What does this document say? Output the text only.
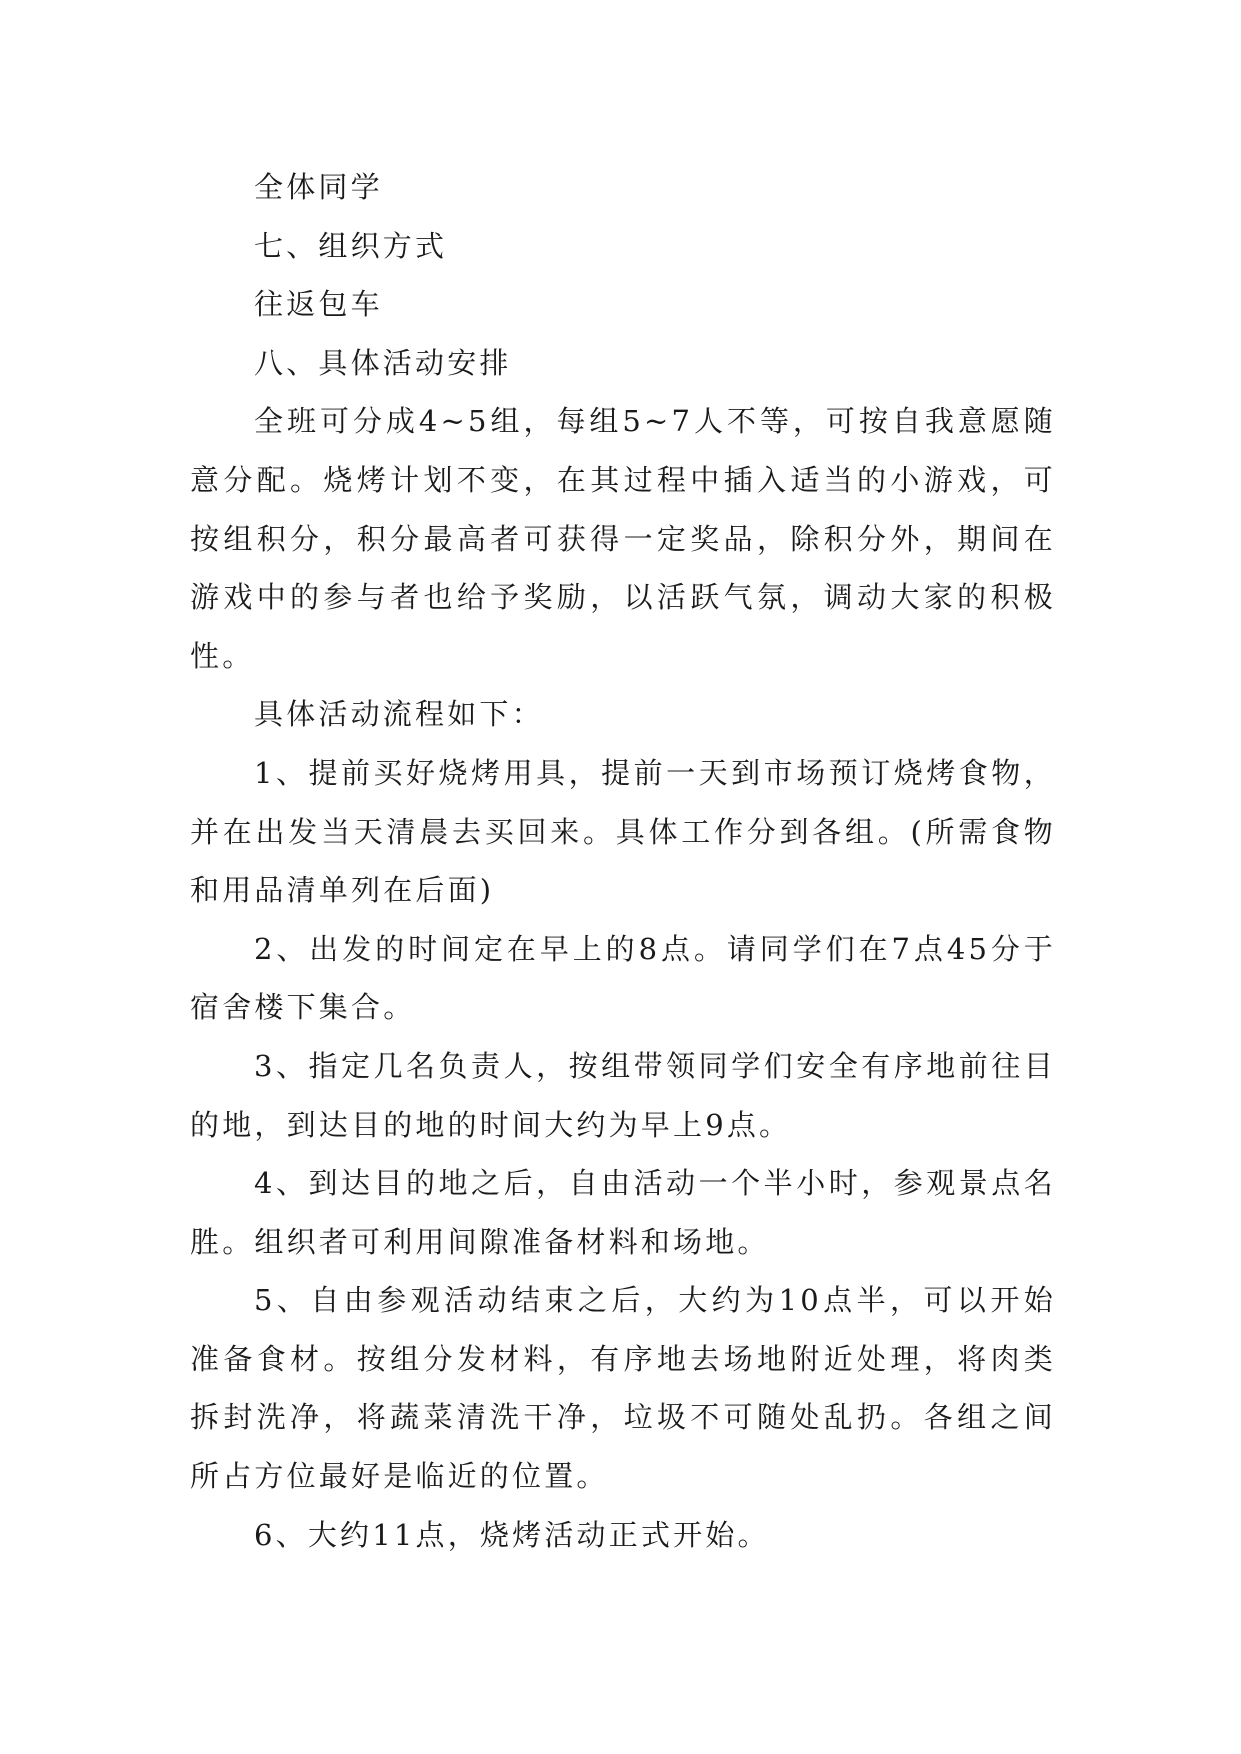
全体同学

七、组织方式

往返包车

八、具体活动安排

全班可分成4~5组，每组5~7人不等，可按自我意愿随意分配。烧烤计划不变，在其过程中插入适当的小游戏，可按组积分，积分最高者可获得一定奖品，除积分外，期间在游戏中的参与者也给予奖励，以活跃气氛，调动大家的积极性。

具体活动流程如下：

1、提前买好烧烤用具，提前一天到市场预订烧烤食物，并在出发当天清晨去买回来。具体工作分到各组。(所需食物和用品清单列在后面)

2、出发的时间定在早上的8点。请同学们在7点45分于宿舍楼下集合。

3、指定几名负责人，按组带领同学们安全有序地前往目的地，到达目的地的时间大约为早上9点。

4、到达目的地之后，自由活动一个半小时，参观景点名胜。组织者可利用间隙准备材料和场地。

5、自由参观活动结束之后，大约为10点半，可以开始准备食材。按组分发材料，有序地去场地附近处理，将肉类拆封洗净，将蔬菜清洗干净，垃圾不可随处乱扔。各组之间所占方位最好是临近的位置。

6、大约11点，烧烤活动正式开始。
